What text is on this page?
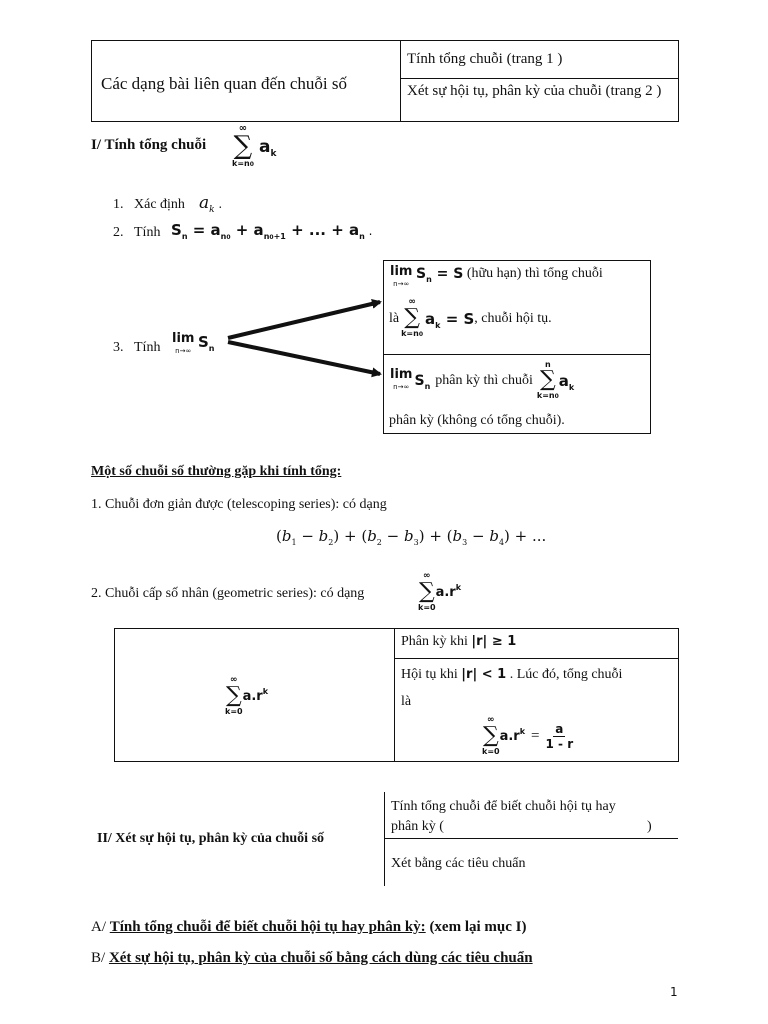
Các dạng bài liên quan đến chuỗi số
Tính tổng chuỗi (trang 1 )
Xét sự hội tụ, phân kỳ của chuỗi (trang 2 )
I/ Tính tổng chuỗi
∞
∑
k=n0
$a_k$
1. Xác định $a_k$ .
2. Tính $S_n = a_{n0} + a_{n0+1}$ + ... + $a_n$ .
3. Tính
lim
n→∞ $S_n$
lim
n→∞
$S_n = S$ (hữu hạn) thì tổng chuỗi
là
∞
∑
k=n0
$a_k = S$ , chuỗi hội tụ.
lim
n→∞ $S_n$ phân kỳ thì chuỗi
n
∑
k=n0
$a_k$
phân kỳ (không có tổng chuỗi).
Một số chuỗi số thường gặp khi tính tổng:
1. Chuỗi đơn giản được (telescoping series): có dạng
$(b_1 - b_2) + (b_2 - b_3) + (b_3 - b_4)$ + ...
2. Chuỗi cấp số nhân (geometric series): có dạng
∞
∑
k=0
$a.r^k$
∞
∑
k=0
$a.r^k$
Phân kỳ khi |r| ≥ 1
Hội tụ khi |r| < 1 . Lúc đó, tổng chuỗi
là
∞
∑
k=0
$a.r^k = \frac{a}{1 - r}$
II/ Xét sự hội tụ, phân kỳ của chuỗi số
Tính tổng chuỗi để biết chuỗi hội tụ hay
phân kỳ (	)
Xét bằng các tiêu chuẩn
A/ Tính tổng chuỗi để biết chuỗi hội tụ hay phân kỳ: (xem lại mục I)
B/ Xét sự hội tụ, phân kỳ của chuỗi số bằng cách dùng các tiêu chuẩn
1
